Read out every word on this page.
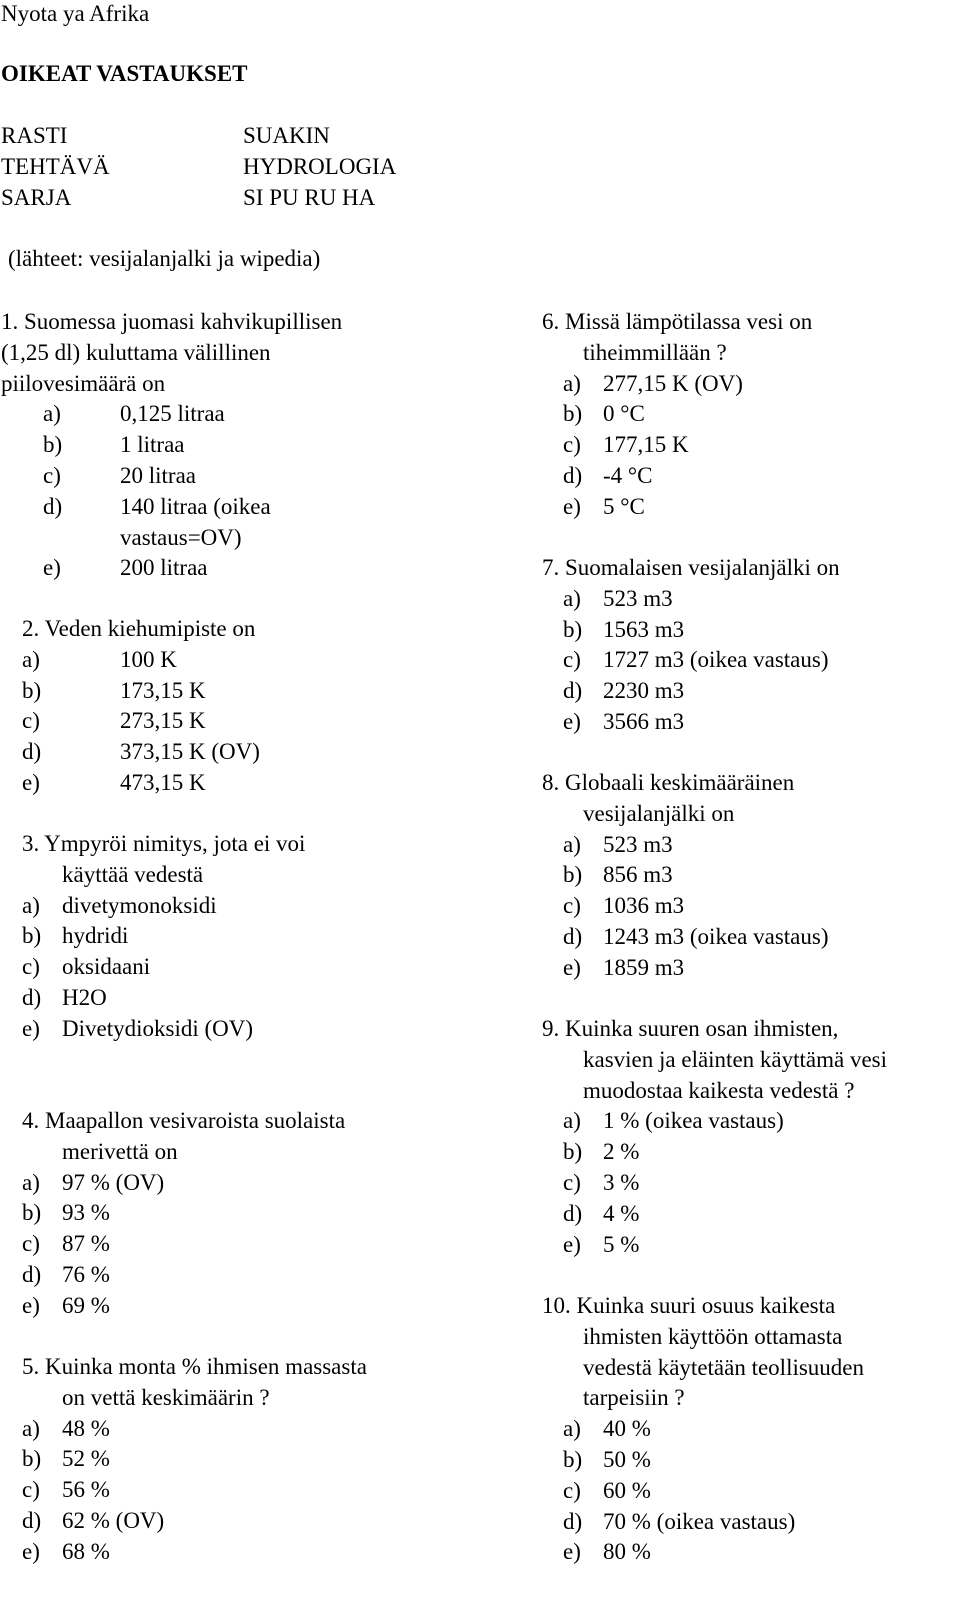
Nyota ya Afrika
OIKEAT VASTAUKSET
RASTI	SUAKIN
TEHTÄVÄ	HYDROLOGIA
SARJA	SI PU RU HA
(lähteet: vesijalanjalki ja wipedia)
1. Suomessa juomasi kahvikupillisen
(1,25 dl) kuluttama välillinen
piilovesimäärä on
a)	0,125 litraa
b)	1 litraa
c)	20 litraa
d)	140 litraa (oikea
vastaus=OV)
e)	200 litraa
2. Veden kiehumipiste on
a)	100 K
b)	173,15 K
c)	273,15 K
d)	373,15 K (OV)
e)	473,15 K
3. Ympyröi nimitys, jota ei voi
käyttää vedestä
a) divetymonoksidi
b) hydridi
c) oksidaani
d) H2O
e) Divetydioksidi (OV)
4. Maapallon vesivaroista suolaista
merivettä on
a) 97 % (OV)
b) 93 %
c) 87 %
d) 76 %
e) 69 %
5. Kuinka monta % ihmisen massasta
on vettä keskimäärin ?
a) 48 %
b) 52 %
c) 56 %
d) 62 % (OV)
e) 68 %
6. Missä lämpötilassa vesi on
tiheimmillään ?
a) 277,15 K (OV)
b) 0 °C
c) 177,15 K
d) -4 °C
e) 5 °C
7. Suomalaisen vesijalanjälki on
a) 523 m3
b) 1563 m3
c) 1727 m3 (oikea vastaus)
d) 2230 m3
e) 3566 m3
8. Globaali keskimääräinen
vesijalanjälki on
a) 523 m3
b) 856 m3
c) 1036 m3
d) 1243 m3 (oikea vastaus)
e) 1859 m3
9. Kuinka suuren osan ihmisten,
kasvien ja eläinten käyttämä vesi
muodostaa kaikesta vedestä ?
a) 1 % (oikea vastaus)
b) 2 %
c) 3 %
d) 4 %
e) 5 %
10. Kuinka suuri osuus kaikesta
ihmisten käyttöön ottamasta
vedestä käytetään teollisuuden
tarpeisiin ?
a) 40 %
b) 50 %
c) 60 %
d) 70 % (oikea vastaus)
e) 80 %
